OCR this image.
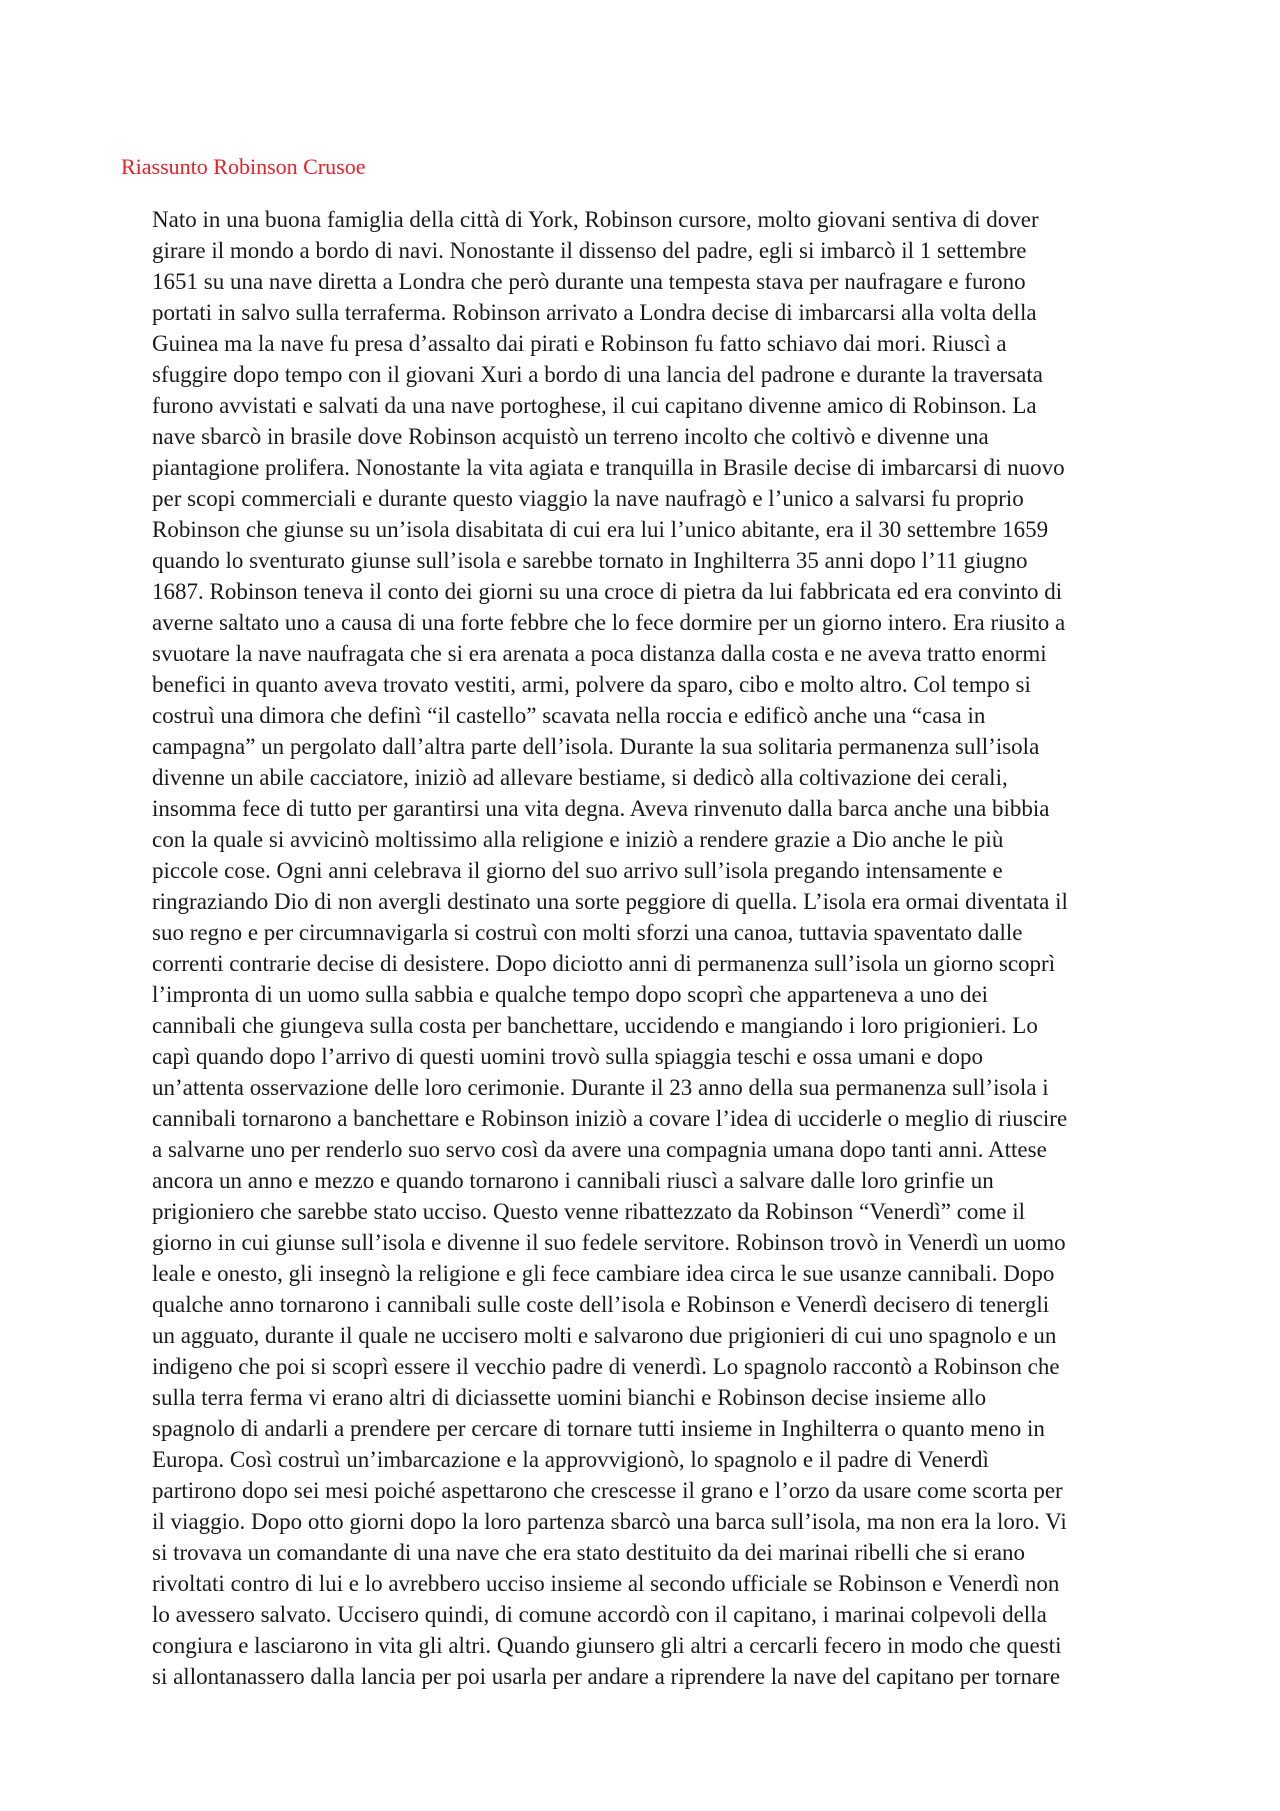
Riassunto Robinson Crusoe
Nato in una buona famiglia della città di York, Robinson cursore, molto giovani sentiva di dover
girare il mondo a bordo di navi. Nonostante il dissenso del padre, egli si imbarcò il 1 settembre
1651 su una nave diretta a Londra che però durante una tempesta stava per naufragare e furono
portati in salvo sulla terraferma. Robinson arrivato a Londra decise di imbarcarsi alla volta della
Guinea ma la nave fu presa d’assalto dai pirati e Robinson fu fatto schiavo dai mori. Riuscì a
sfuggire dopo tempo con il giovani Xuri a bordo di una lancia del padrone e durante la traversata
furono avvistati e salvati da una nave portoghese, il cui capitano divenne amico di Robinson. La
nave sbarcò in brasile dove Robinson acquistò un terreno incolto che coltivò e divenne una
piantagione prolifera. Nonostante la vita agiata e tranquilla in Brasile decise di imbarcarsi di nuovo
per scopi commerciali e durante questo viaggio la nave naufragò e l’unico a salvarsi fu proprio
Robinson che giunse su un’isola disabitata di cui era lui l’unico abitante, era il 30 settembre 1659
quando lo sventurato giunse sull’isola e sarebbe tornato in Inghilterra 35 anni dopo l’11 giugno
1687. Robinson teneva il conto dei giorni su una croce di pietra da lui fabbricata ed era convinto di
averne saltato uno a causa di una forte febbre che lo fece dormire per un giorno intero. Era riusito a
svuotare la nave naufragata che si era arenata a poca distanza dalla costa e ne aveva tratto enormi
benefici in quanto aveva trovato vestiti, armi, polvere da sparo, cibo e molto altro. Col tempo si
costruì una dimora che definì “il castello” scavata nella roccia e edificò anche una “casa in
campagna” un pergolato dall’altra parte dell’isola. Durante la sua solitaria permanenza sull’isola
divenne un abile cacciatore, iniziò ad allevare bestiame, si dedicò alla coltivazione dei cerali,
insomma fece di tutto per garantirsi una vita degna. Aveva rinvenuto dalla barca anche una bibbia
con la quale si avvicinò moltissimo alla religione e iniziò a rendere grazie a Dio anche le più
piccole cose. Ogni anni celebrava il giorno del suo arrivo sull’isola pregando intensamente e
ringraziando Dio di non avergli destinato una sorte peggiore di quella. L’isola era ormai diventata il
suo regno e per circumnavigarla si costruì con molti sforzi una canoa, tuttavia spaventato dalle
correnti contrarie decise di desistere. Dopo diciotto anni di permanenza sull’isola un giorno scoprì
l’impronta di un uomo sulla sabbia e qualche tempo dopo scoprì che apparteneva a uno dei
cannibali che giungeva sulla costa per banchettare, uccidendo e mangiando i loro prigionieri. Lo
capì quando dopo l’arrivo di questi uomini trovò sulla spiaggia teschi e ossa umani e dopo
un’attenta osservazione delle loro cerimonie. Durante il 23 anno della sua permanenza sull’isola i
cannibali tornarono a banchettare e Robinson iniziò a covare l’idea di ucciderle o meglio di riuscire
a salvarne uno per renderlo suo servo così da avere una compagnia umana dopo tanti anni. Attese
ancora un anno e mezzo e quando tornarono i cannibali riuscì a salvare dalle loro grinfie un
prigioniero che sarebbe stato ucciso. Questo venne ribattezzato da Robinson “Venerdì” come il
giorno in cui giunse sull’isola e divenne il suo fedele servitore. Robinson trovò in Venerdì un uomo
leale e onesto, gli insegnò la religione e gli fece cambiare idea circa le sue usanze cannibali. Dopo
qualche anno tornarono i cannibali sulle coste dell’isola e Robinson e Venerdì decisero di tenergli
un agguato, durante il quale ne uccisero molti e salvarono due prigionieri di cui uno spagnolo e un
indigeno che poi si scoprì essere il vecchio padre di venerdì. Lo spagnolo raccontò a Robinson che
sulla terra ferma vi erano altri di diciassette uomini bianchi e Robinson decise insieme allo
spagnolo di andarli a prendere per cercare di tornare tutti insieme in Inghilterra o quanto meno in
Europa. Così costruì un’imbarcazione e la approvvigionò, lo spagnolo e il padre di Venerdì
partirono dopo sei mesi poiché aspettarono che crescesse il grano e l’orzo da usare come scorta per
il viaggio. Dopo otto giorni dopo la loro partenza sbarcò una barca sull’isola, ma non era la loro. Vi
si trovava un comandante di una nave che era stato destituito da dei marinai ribelli che si erano
rivoltati contro di lui e lo avrebbero ucciso insieme al secondo ufficiale se Robinson e Venerdì non
lo avessero salvato. Uccisero quindi, di comune accordò con il capitano, i marinai colpevoli della
congiura e lasciarono in vita gli altri. Quando giunsero gli altri a cercarli fecero in modo che questi
si allontanassero dalla lancia per poi usarla per andare a riprendere la nave del capitano per tornare
